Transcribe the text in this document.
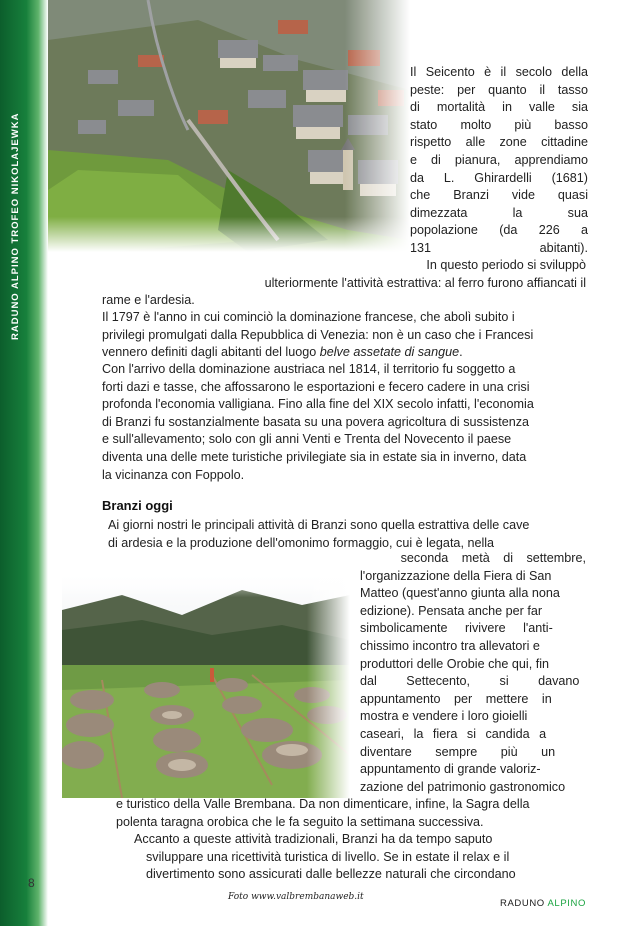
RADUNO ALPINO TROFEO NIKOLAJEWKA
Il Seicento è il secolo della
peste: per quanto il tasso
di mortalità in valle sia
stato molto più basso
rispetto alle zone cittadine
e di pianura, apprendiamo
da L. Ghirardelli (1681)
che Branzi vide quasi
dimezzata la sua
popolazione (da 226 a
131 abitanti).
In questo periodo si sviluppò
ulteriormente l'attività estrattiva: al ferro furono affiancati il
rame e l'ardesia.
Il 1797 è l'anno in cui cominciò la dominazione francese, che abolì subito i
privilegi promulgati dalla Repubblica di Venezia: non è un caso che i Francesi
vennero definiti dagli abitanti del luogo belve assetate di sangue.
Con l'arrivo della dominazione austriaca nel 1814, il territorio fu soggetto a
forti dazi e tasse, che affossarono le esportazioni e fecero cadere in una crisi
profonda l'economia valligiana. Fino alla fine del XIX secolo infatti, l'economia
di Branzi fu sostanzialmente basata su una povera agricoltura di sussistenza
e sull'allevamento; solo con gli anni Venti e Trenta del Novecento il paese
diventa una delle mete turistiche privilegiate sia in estate sia in inverno, data
la vicinanza con Foppolo.
Branzi oggi
Ai giorni nostri le principali attività di Branzi sono quella estrattiva delle cave
di ardesia e la produzione dell'omonimo formaggio, cui è legata, nella
seconda metà di settembre,
l'organizzazione della Fiera di San
Matteo (quest'anno giunta alla nona
edizione). Pensata anche per far
simbolicamente rivivere l'anti-
chissimo incontro tra allevatori e
produttori delle Orobie che qui, fin
dal Settecento, si davano
appuntamento per mettere in
mostra e vendere i loro gioielli
caseari, la fiera si candida a
diventare sempre più un
appuntamento di grande valoriz-
zazione del patrimonio gastronomico
e turistico della Valle Brembana. Da non dimenticare, infine, la Sagra della
polenta taragna orobica che le fa seguito la settimana successiva.
Accanto a queste attività tradizionali, Branzi ha da tempo saputo
sviluppare una ricettività turistica di livello. Se in estate il relax e il
divertimento sono assicurati dalle bellezze naturali che circondano
8
Foto www.valbrembanaweb.it
RADUNO ALPINO
